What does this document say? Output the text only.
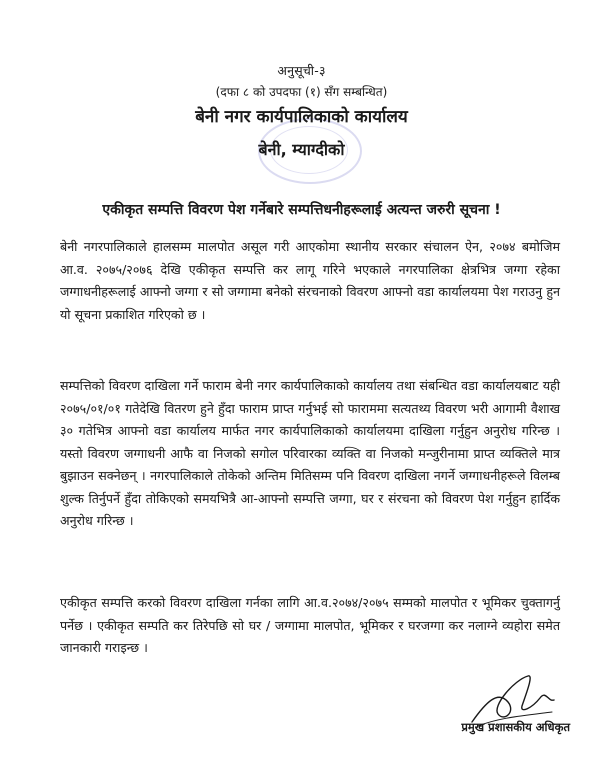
अनुसूची-३
(दफा ८ को उपदफा (१) सँग सम्बन्धित)
बेनी नगर कार्यपालिकाको कार्यालय
बेनी, म्याग्दीको
एकीकृत सम्पत्ति विवरण पेश गर्नेबारे सम्पत्तिधनीहरूलाई अत्यन्त जरुरी सूचना !

बेनी नगरपालिकाले हालसम्म मालपोत असूल गरी आएकोमा स्थानीय सरकार संचालन ऐन, २०७४ बमोजिम आ.व. २०७५/२०७६ देखि एकीकृत सम्पत्ति कर लागू गरिने भएकाले नगरपालिका क्षेत्रभित्र जग्गा रहेका जग्गाधनीहरूलाई आफ्नो जग्गा र सो जग्गामा बनेको संरचनाको विवरण आफ्नो वडा कार्यालयमा पेश गराउनु हुन यो सूचना प्रकाशित गरिएको छ ।

सम्पत्तिको विवरण दाखिला गर्ने फाराम बेनी नगर कार्यपालिकाको कार्यालय तथा संबन्धित वडा कार्यालयबाट यही २०७५/०१/०१ गतेदेखि वितरण हुने हुँदा फाराम प्राप्त गर्नुभई सो फाराममा सत्यतथ्य विवरण भरी आगामी वैशाख ३० गतेभित्र आफ्नो वडा कार्यालय मार्फत नगर कार्यपालिकाको कार्यालयमा दाखिला गर्नुहुन अनुरोध गरिन्छ । यस्तो विवरण जग्गाधनी आफै वा निजको सगोल परिवारका व्यक्ति वा निजको मन्जुरीनामा प्राप्त व्यक्तिले मात्र बुझाउन सक्नेछन् । नगरपालिकाले तोकेको अन्तिम मितिसम्म पनि विवरण दाखिला नगर्ने जग्गाधनीहरूले विलम्ब शुल्क तिर्नुपर्ने हुँदा तोकिएको समयभित्रै आ-आफ्नो सम्पत्ति जग्गा, घर र संरचना को विवरण पेश गर्नुहुन हार्दिक अनुरोध गरिन्छ ।

एकीकृत सम्पत्ति करको विवरण दाखिला गर्नका लागि आ.व.२०७४/२०७५ सम्मको मालपोत र भूमिकर चुक्तागर्नु पर्नेछ । एकीकृत सम्पति कर तिरेपछि सो घर / जग्गामा मालपोत, भूमिकर र घरजग्गा कर नलाग्ने व्यहोरा समेत जानकारी गराइन्छ ।

प्रमुख प्रशासकीय अधिकृत
